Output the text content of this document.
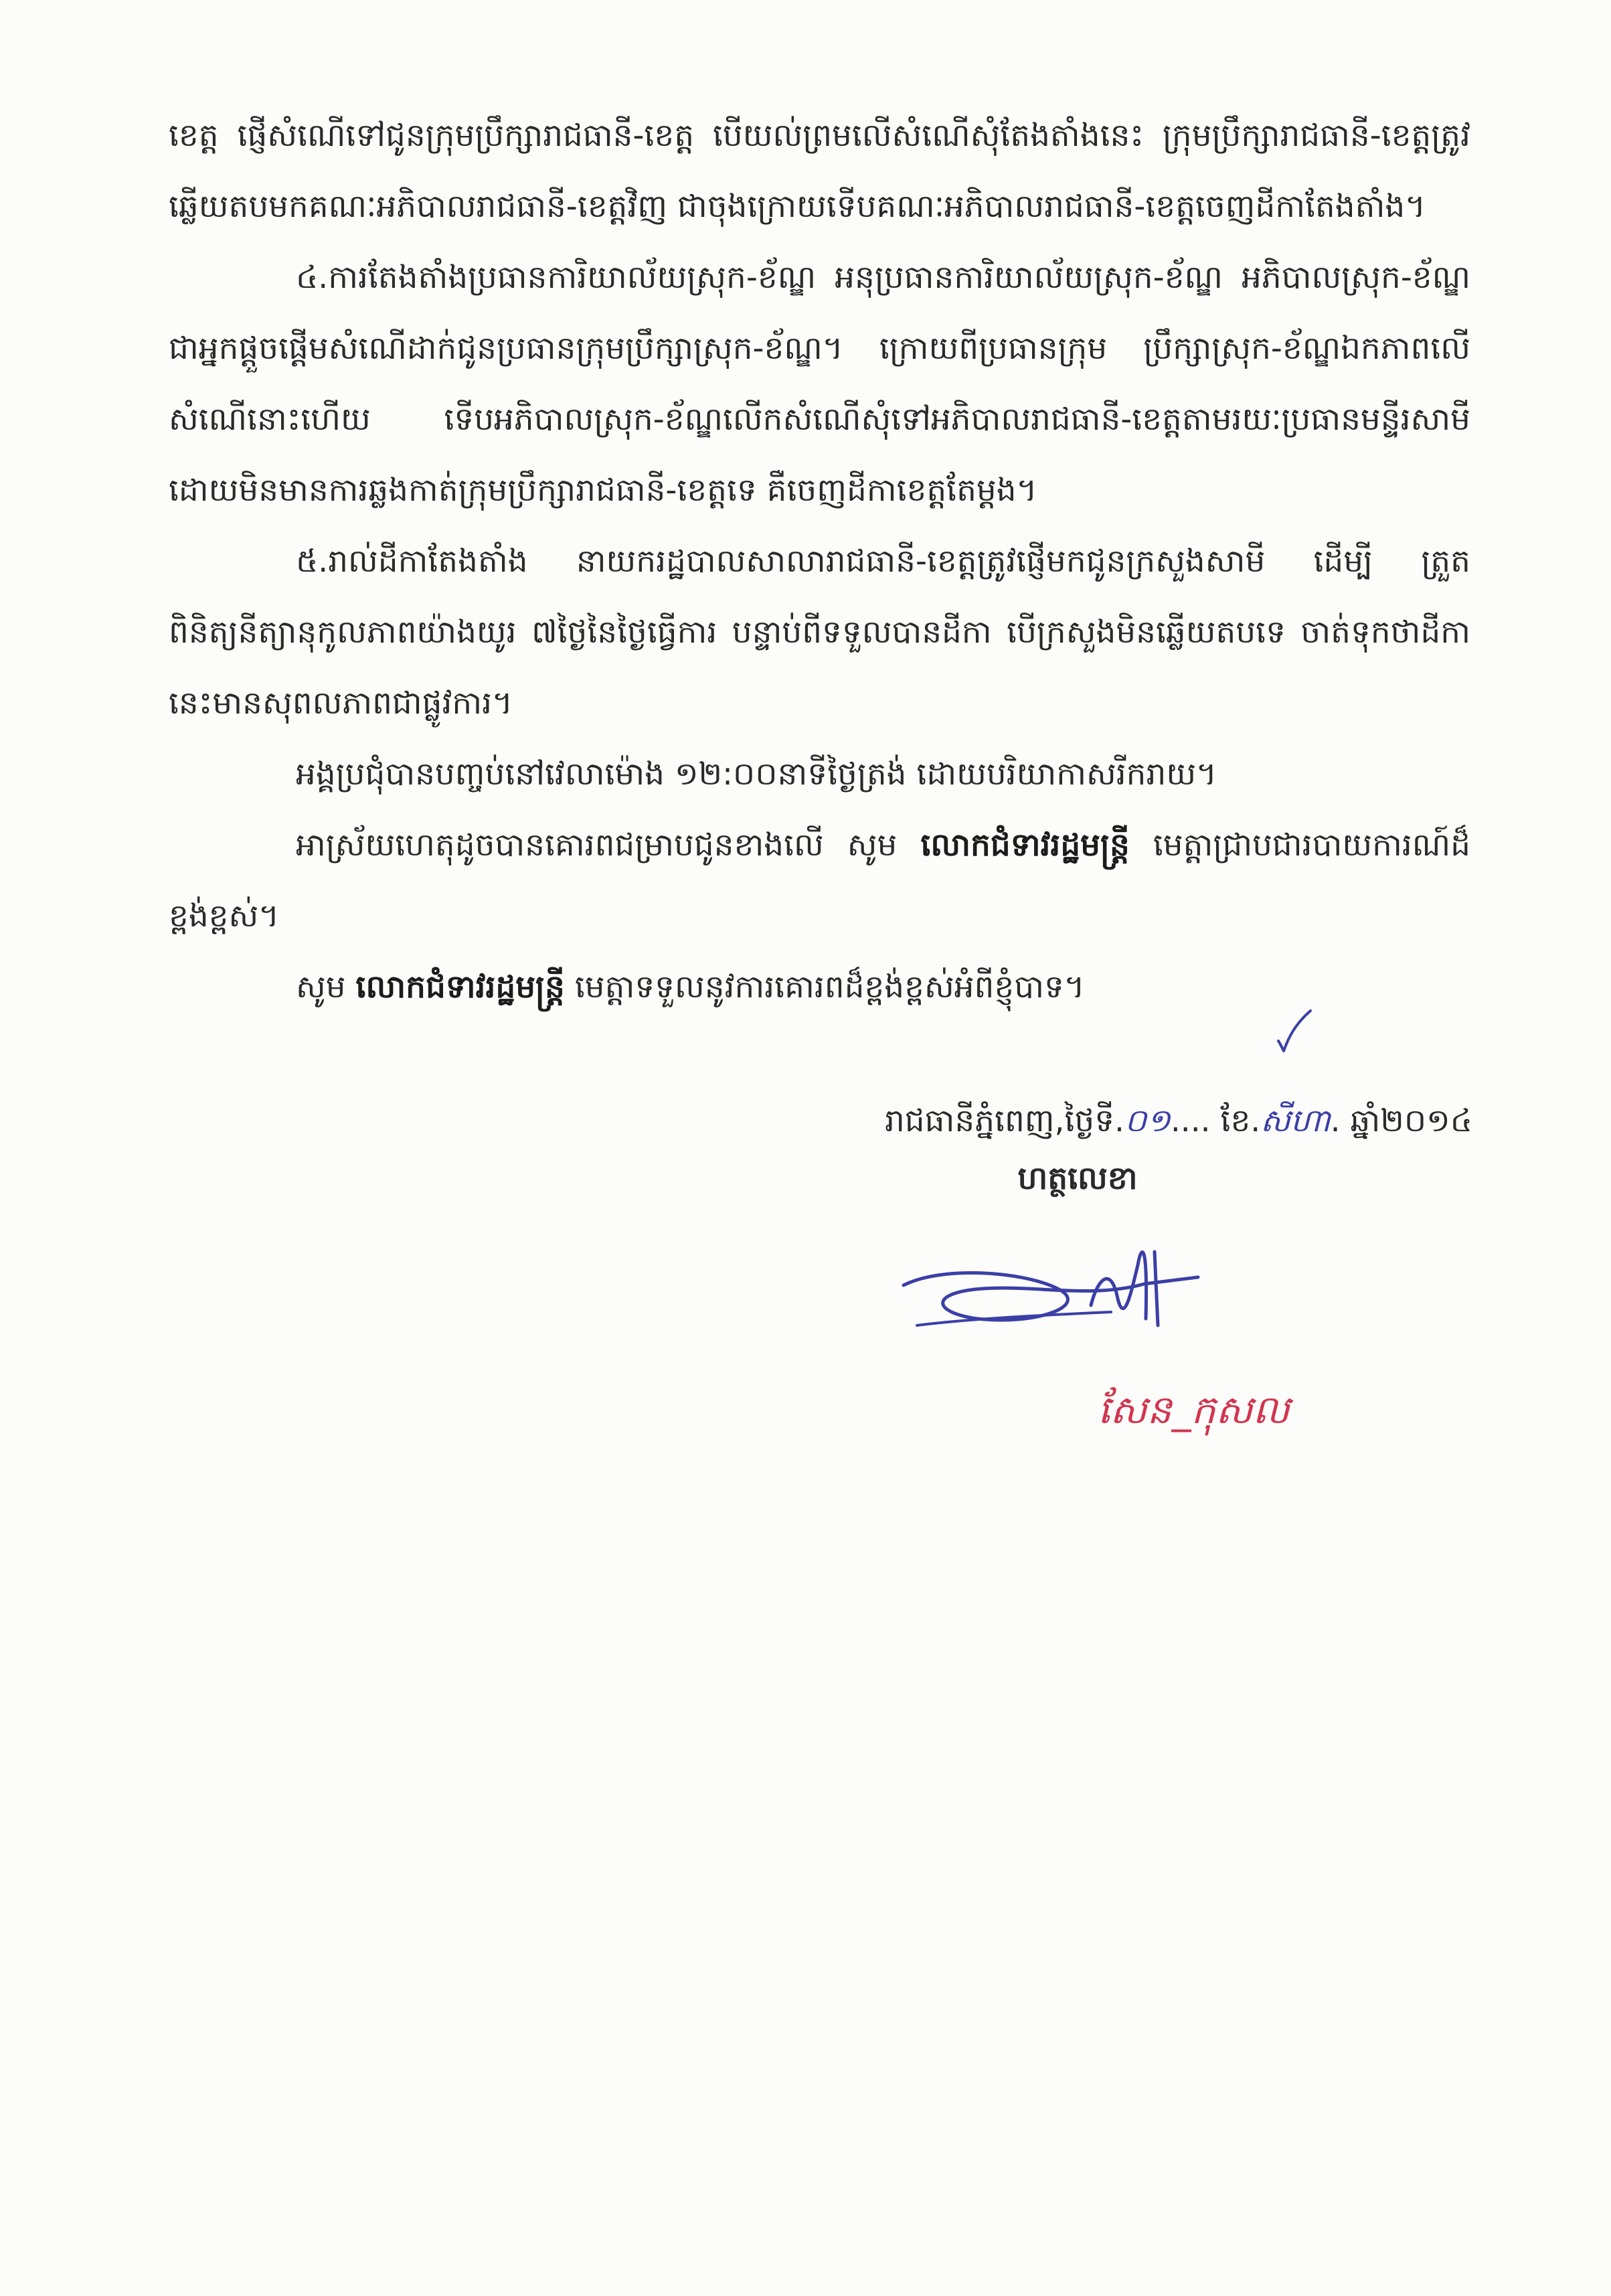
ខេត្ត ផ្ញើសំណើទៅជូនក្រុមប្រឹក្សារាជធានី-ខេត្ត បើយល់ព្រមលើសំណើសុំតែងតាំងនេះ ក្រុមប្រឹក្សារាជធានី-ខេត្តត្រូវឆ្លើយតបមកគណៈអភិបាលរាជធានី-ខេត្តវិញ ជាចុងក្រោយទើបគណៈអភិបាលរាជធានី-ខេត្តចេញដីកាតែងតាំង។

៤.ការតែងតាំងប្រធានការិយាល័យស្រុក-ខ័ណ្ឌ អនុប្រធានការិយាល័យស្រុក-ខ័ណ្ឌ អភិបាលស្រុក-ខ័ណ្ឌជាអ្នកផ្តួចផ្តើមសំណើដាក់ជូនប្រធានក្រុមប្រឹក្សាស្រុក-ខ័ណ្ឌ។ ក្រោយពីប្រធានក្រុម ប្រឹក្សាស្រុក-ខ័ណ្ឌឯកភាពលើសំណើនោះហើយ ទើបអភិបាលស្រុក-ខ័ណ្ឌលើកសំណើសុំទៅអភិបាលរាជធានី-ខេត្តតាមរយៈប្រធានមន្ទីរសាមី ដោយមិនមានការឆ្លងកាត់ក្រុមប្រឹក្សារាជធានី-ខេត្តទេ គឺចេញដីកាខេត្តតែម្តង។

៥.រាល់ដីកាតែងតាំង នាយករដ្ឋបាលសាលារាជធានី-ខេត្តត្រូវផ្ញើមកជូនក្រសួងសាមី ដើម្បី ត្រួតពិនិត្យនីត្យានុកូលភាពយ៉ាងយូរ ៧ថ្ងៃនៃថ្ងៃធ្វើការ បន្ទាប់ពីទទួលបានដីកា បើក្រសួងមិនឆ្លើយតបទេ ចាត់ទុកថាដីកានេះមានសុពលភាពជាផ្លូវការ។

អង្គប្រជុំបានបញ្ចប់នៅវេលាម៉ោង ១២:០០នាទីថ្ងៃត្រង់ ដោយបរិយាកាសរីករាយ។

អាស្រ័យហេតុដូចបានគោរពជម្រាបជូនខាងលើ សូម លោកជំទាវរដ្ឋមន្ត្រី មេត្តាជ្រាបជារបាយការណ៍ដ៏ខ្ពង់ខ្ពស់។

សូម លោកជំទាវរដ្ឋមន្ត្រី មេត្តាទទួលនូវការគោរពដ៏ខ្ពង់ខ្ពស់អំពីខ្ញុំបាទ។

រាជធានីភ្នំពេញ,ថ្ងៃទី.០១.... ខែ.សីហា. ឆ្នាំ២០១៤
ហត្ថលេខា
សែន_កុសល
